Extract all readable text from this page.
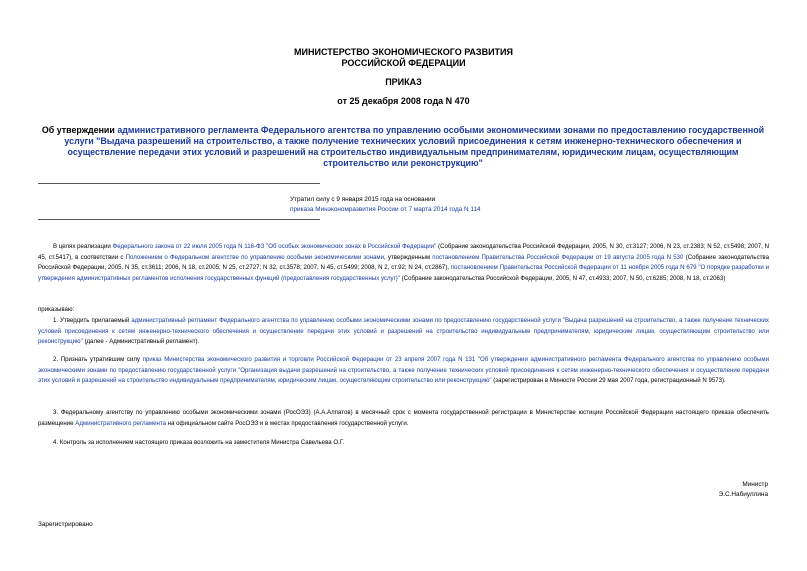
МИНИСТЕРСТВО ЭКОНОМИЧЕСКОГО РАЗВИТИЯ
РОССИЙСКОЙ ФЕДЕРАЦИИ
ПРИКАЗ
от 25 декабря 2008 года N 470
Об утверждении административного регламента Федерального агентства по управлению особыми экономическими зонами по предоставлению государственной услуги "Выдача разрешений на строительство, а также получение технических условий присоединения к сетям инженерно-технического обеспечения и осуществление передачи этих условий и разрешений на строительство индивидуальным предпринимателям, юридическим лицам, осуществляющим строительство или реконструкцию"
Утратил силу с 9 января 2015 года на основании
приказа Минэкономразвития России от 7 марта 2014 года N 114
В целях реализации Федерального закона от 22 июля 2005 года N 116-ФЗ "Об особых экономических зонах в Российской Федерации" (Собрание законодательства Российской Федерации, 2005, N 30, ст.3127; 2006, N 23, ст.2383; N 52, ст.5498; 2007, N 45, ст.5417), в соответствии с Положением о Федеральном агентстве по управлению особыми экономическими зонами, утвержденным постановлением Правительства Российской Федерации от 19 августа 2005 года N 530 (Собрание законодательства Российской Федерации, 2005, N 35, ст.3611; 2006, N 18, ст.2005; N 25, ст.2727; N 32, ст.3578; 2007, N 45, ст.5499; 2008, N 2, ст.92; N 24, ст.2867), постановлением Правительства Российской Федерации от 11 ноября 2005 года N 679 "О порядке разработки и утверждения административных регламентов исполнения государственных функций (предоставления государственных услуг)" (Собрание законодательства Российской Федерации, 2005, N 47, ст.4933; 2007, N 50, ст.6285; 2008, N 18, ст.2063)
приказываю:
1. Утвердить прилагаемый административный регламент Федерального агентства по управлению особыми экономическими зонами по предоставлению государственной услуги "Выдача разрешений на строительство, а также получение технических условий присоединения к сетям инженерно-технического обеспечения и осуществление передачи этих условий и разрешений на строительство индивидуальным предпринимателям, юридическим лицам, осуществляющим строительство или реконструкцию" (далее - Административный регламент).
2. Признать утратившим силу приказ Министерства экономического развития и торговли Российской Федерации от 23 апреля 2007 года N 131 "Об утверждении административного регламента Федерального агентства по управлению особыми экономическими зонами по предоставлению государственной услуги "Организация выдачи разрешений на строительство, а также получение технических условий присоединения к сетям инженерно-технического обеспечения и осуществление передачи этих условий и разрешений на строительство индивидуальным предпринимателям, юридическим лицам, осуществляющим строительство или реконструкцию" (зарегистрирован в Минюсте России 29 мая 2007 года, регистрационный N 9573).
3. Федеральному агентству по управлению особыми экономическими зонами (РосОЭЗ) (А.А.Алпатов) в месячный срок с момента государственной регистрации в Министерстве юстиции Российской Федерации настоящего приказа обеспечить размещение Административного регламента на официальном сайте РосОЭЗ и в местах предоставления государственной услуги.
4. Контроль за исполнением настоящего приказа возложить на заместителя Министра Савельева О.Г.
Министр
Э.С.Набиуллина
Зарегистрировано
